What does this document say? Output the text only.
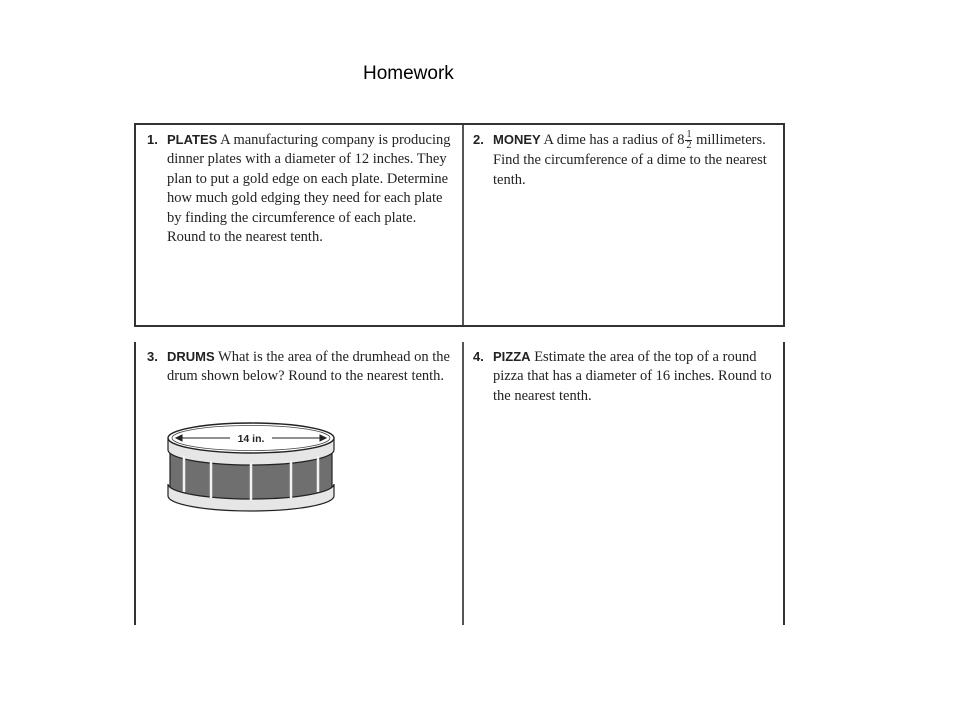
Homework
1. PLATES A manufacturing company is producing dinner plates with a diameter of 12 inches. They plan to put a gold edge on each plate. Determine how much gold edging they need for each plate by finding the circumference of each plate. Round to the nearest tenth.
2. MONEY A dime has a radius of $8 \frac{1}{2}$ millimeters. Find the circumference of a dime to the nearest tenth.
3. DRUMS What is the area of the drumhead on the drum shown below? Round to the nearest tenth.
14 in.
4. PIZZA Estimate the area of the top of a round pizza that has a diameter of 16 inches. Round to the nearest tenth.
